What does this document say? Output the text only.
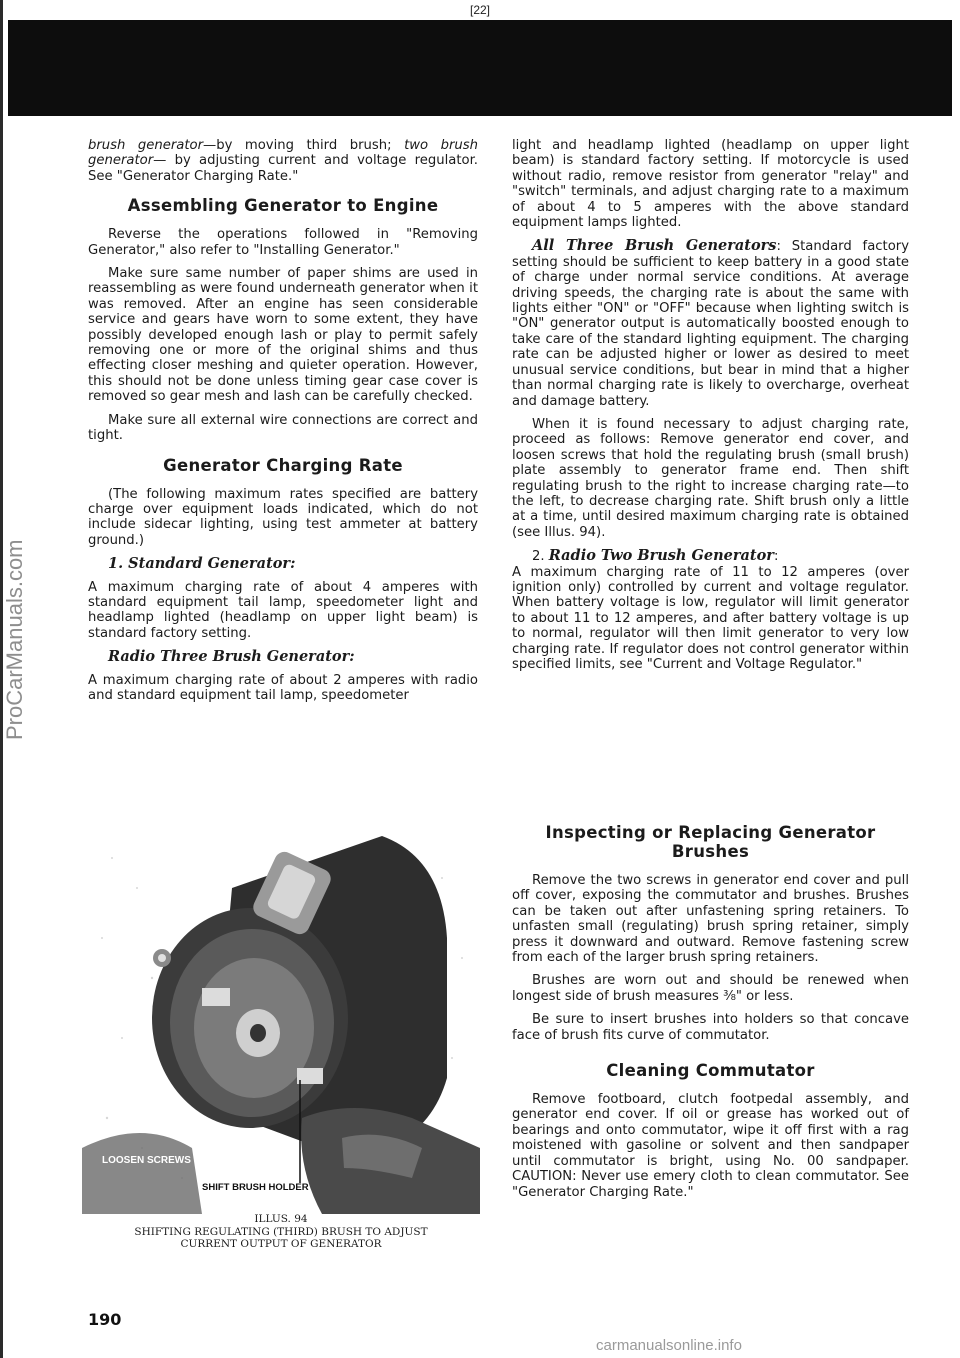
[22]
ProCarManuals.com

brush generator—by moving third brush; two brush generator— by adjusting current and voltage regulator. See "Generator Charging Rate."

Assembling Generator to Engine

Reverse the operations followed in "Removing Generator," also refer to "Installing Generator."

Make sure same number of paper shims are used in reassembling as were found underneath generator when it was removed. After an engine has seen considerable service and gears have worn to some extent, they have possibly developed enough lash or play to permit safely removing one or more of the original shims and thus effecting closer meshing and quieter operation. However, this should not be done unless timing gear case cover is removed so gear mesh and lash can be carefully checked.

Make sure all external wire connections are correct and tight.

Generator Charging Rate

(The following maximum rates specified are battery charge over equipment loads indicated, which do not include sidecar lighting, using test ammeter at battery ground.)

1. Standard Generator:

A maximum charging rate of about 4 amperes with standard equipment tail lamp, speedometer light and headlamp lighted (headlamp on upper light beam) is standard factory setting.

Radio Three Brush Generator:

A maximum charging rate of about 2 amperes with radio and standard equipment tail lamp, speedometer

light and headlamp lighted (headlamp on upper light beam) is standard factory setting. If motorcycle is used without radio, remove resistor from generator "relay" and "switch" terminals, and adjust charging rate to a maximum of about 4 to 5 amperes with the above standard equipment lamps lighted.

All Three Brush Generators: Standard factory setting should be sufficient to keep battery in a good state of charge under normal service conditions. At average driving speeds, the charging rate is about the same with lights either "ON" or "OFF" because when lighting switch is "ON" generator output is automatically boosted enough to take care of the standard lighting equipment. The charging rate can be adjusted higher or lower as desired to meet unusual service conditions, but bear in mind that a higher than normal charging rate is likely to overcharge, overheat and damage battery.

When it is found necessary to adjust charging rate, proceed as follows: Remove generator end cover, and loosen screws that hold the regulating brush (small brush) plate assembly to generator frame end. Then shift regulating brush to the right to increase charging rate—to the left, to decrease charging rate. Shift brush only a little at a time, until desired maximum charging rate is obtained (see Illus. 94).

2. Radio Two Brush Generator:

A maximum charging rate of 11 to 12 amperes (over ignition only) controlled by current and voltage regulator. When battery voltage is low, regulator will limit generator to about 11 to 12 amperes, and after battery voltage is up to normal, regulator will then limit generator to very low charging rate. If regulator does not control generator within specified limits, see "Current and Voltage Regulator."

Inspecting or Replacing Generator Brushes

Remove the two screws in generator end cover and pull off cover, exposing the commutator and brushes. Brushes can be taken out after unfastening spring retainers. To unfasten small (regulating) brush spring retainer, simply press it downward and outward. Remove fastening screw from each of the larger brush spring retainers.

Brushes are worn out and should be renewed when longest side of brush measures ⅜" or less.

Be sure to insert brushes into holders so that concave face of brush fits curve of commutator.

Cleaning Commutator

Remove footboard, clutch footpedal assembly, and generator end cover. If oil or grease has worked out of bearings and onto commutator, wipe it off first with a rag moistened with gasoline or solvent and then sandpaper until commutator is bright, using No. 00 sandpaper. CAUTION: Never use emery cloth to clean commutator. See "Generator Charging Rate."

LOOSEN SCREWS
SHIFT BRUSH HOLDER
ILLUS. 94
SHIFTING REGULATING (THIRD) BRUSH TO ADJUST CURRENT OUTPUT OF GENERATOR
190
carmanualsonline.info
